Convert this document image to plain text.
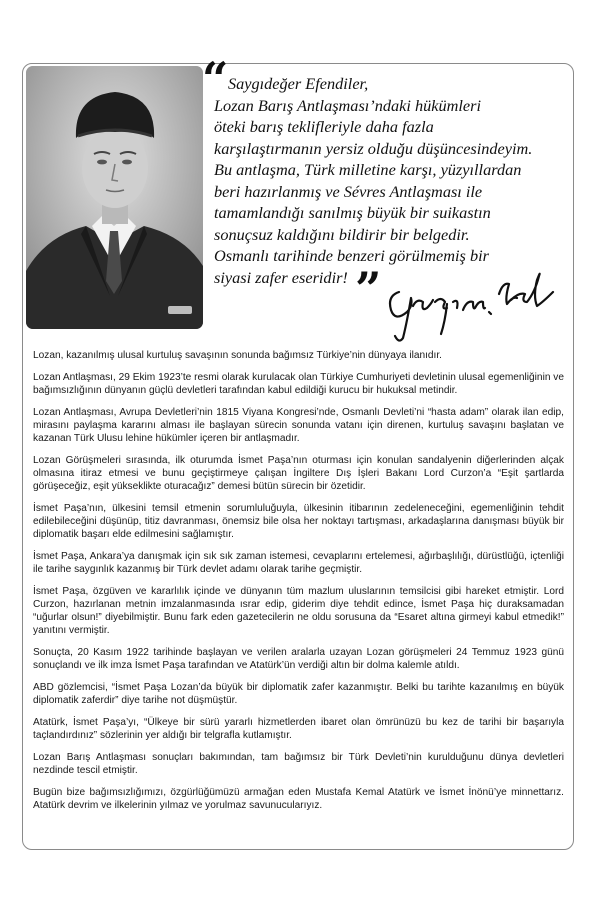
“ Saygıdeğer Efendiler,
Lozan Barış Antlaşması’ndaki hükümleri
öteki barış teklifleriyle daha fazla
karşılaştırmanın yersiz olduğu düşüncesindeyim.
Bu antlaşma, Türk milletine karşı, yüzyıllardan
beri hazırlanmış ve Sévres Antlaşması ile
tamamlandığı sanılmış büyük bir suikastın
sonuçsuz kaldığını bildirir bir belgedir.
Osmanlı tarihinde benzeri görülmemiş bir
siyasi zafer eseridir! ”

Lozan, kazanılmış ulusal kurtuluş savaşının sonunda bağımsız Türkiye’nin dünyaya ilanıdır.

Lozan Antlaşması, 29 Ekim 1923’te resmi olarak kurulacak olan Türkiye Cumhuriyeti devletinin ulusal egemenliğinin ve bağımsızlığının dünyanın güçlü devletleri tarafından kabul edildiği kurucu bir hukuksal metindir.

Lozan Antlaşması, Avrupa Devletleri’nin 1815 Viyana Kongresi’nde, Osmanlı Devleti’ni “hasta adam” olarak ilan edip, mirasını paylaşma kararını alması ile başlayan sürecin sonunda vatanı için direnen, kurtuluş savaşını başlatan ve kazanan Türk Ulusu lehine hükümler içeren bir antlaşmadır.

Lozan Görüşmeleri sırasında, ilk oturumda İsmet Paşa’nın oturması için konulan sandalyenin diğerlerinden alçak olmasına itiraz etmesi ve bunu geçiştirmeye çalışan İngiltere Dış İşleri Bakanı Lord Curzon’a “Eşit şartlarda görüşeceğiz, eşit yükseklikte oturacağız” demesi bütün sürecin bir özetidir.

İsmet Paşa’nın, ülkesini temsil etmenin sorumluluğuyla, ülkesinin itibarının zedeleneceğini, egemenliğinin tehdit edilebileceğini düşünüp, titiz davranması, önemsiz bile olsa her noktayı tartışması, arkadaşlarına danışması büyük bir diplomatik başarı elde edilmesini sağlamıştır.

İsmet Paşa, Ankara’ya danışmak için sık sık zaman istemesi, cevaplarını ertelemesi, ağırbaşlılığı, dürüstlüğü, içtenliği ile tarihe saygınlık kazanmış bir Türk devlet adamı olarak tarihe geçmiştir.

İsmet Paşa, özgüven ve kararlılık içinde ve dünyanın tüm mazlum uluslarının temsilcisi gibi hareket etmiştir. Lord Curzon, hazırlanan metnin imzalanmasında ısrar edip, giderim diye tehdit edince, İsmet Paşa hiç duraksamadan “uğurlar olsun!” diyebilmiştir. Bunu fark eden gazetecilerin ne oldu sorusuna da “Esaret altına girmeyi kabul etmedik!” yanıtını vermiştir.

Sonuçta, 20 Kasım 1922 tarihinde başlayan ve verilen aralarla uzayan Lozan görüşmeleri 24 Temmuz 1923 günü sonuçlandı ve ilk imza İsmet Paşa tarafından ve Atatürk’ün verdiği altın bir dolma kalemle atıldı.

ABD gözlemcisi, “İsmet Paşa Lozan’da büyük bir diplomatik zafer kazanmıştır. Belki bu tarihte kazanılmış en büyük diplomatik zaferdir” diye tarihe not düşmüştür.

Atatürk, İsmet Paşa’yı, “Ülkeye bir sürü yararlı hizmetlerden ibaret olan ömrünüzü bu kez de tarihi bir başarıyla taçlandırdınız” sözlerinin yer aldığı bir telgrafla kutlamıştır.

Lozan Barış Antlaşması sonuçları bakımından, tam bağımsız bir Türk Devleti’nin kurulduğunu dünya devletleri nezdinde tescil etmiştir.

Bugün bize bağımsızlığımızı, özgürlüğümüzü armağan eden Mustafa Kemal Atatürk ve İsmet İnönü’ye minnettarız. Atatürk devrim ve ilkelerinin yılmaz ve yorulmaz savunucularıyız.
